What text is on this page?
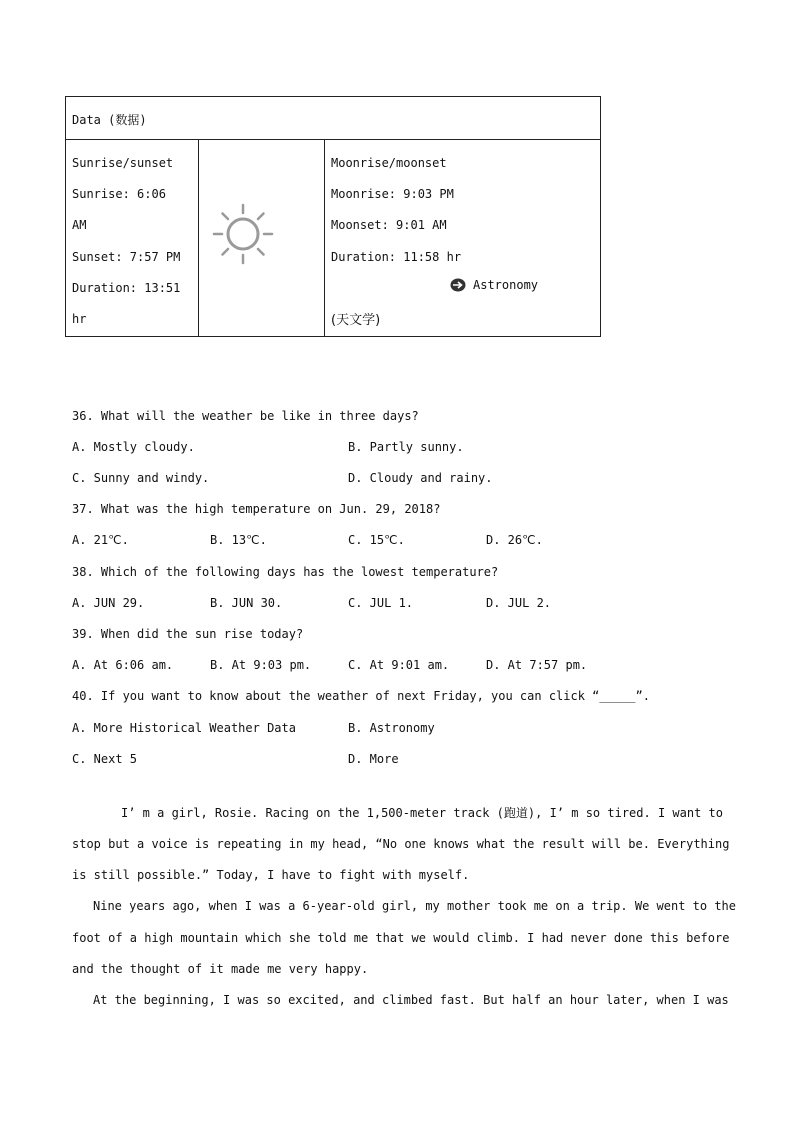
Data (数据)
Sunrise/sunset
Sunrise: 6:06
AM
Sunset: 7:57 PM
Duration: 13:51
hr
Moonrise/moonset
Moonrise: 9:03 PM
Moonset: 9:01 AM
Duration: 11:58 hr
Astronomy
(天文学)
36. What will the weather be like in three days?
A. Mostly cloudy.	B. Partly sunny.
C. Sunny and windy.	D. Cloudy and rainy.
37. What was the high temperature on Jun. 29, 2018?
A. 21℃.	B. 13℃.	C. 15℃.	D. 26℃.
38. Which of the following days has the lowest temperature?
A. JUN 29.	B. JUN 30.	C. JUL 1.	D. JUL 2.
39. When did the sun rise today?
A. At 6:06 am.	B. At 9:03 pm.	C. At 9:01 am.	D. At 7:57 pm.
40. If you want to know about the weather of next Friday, you can click “_____”.
A. More Historical Weather Data	B. Astronomy
C. Next 5	D. More
I’ m a girl, Rosie. Racing on the 1,500-meter track (跑道), I’ m so tired. I want to
stop but a voice is repeating in my head, “No one knows what the result will be. Everything
is still possible.” Today, I have to fight with myself.
Nine years ago, when I was a 6-year-old girl, my mother took me on a trip. We went to the
foot of a high mountain which she told me that we would climb. I had never done this before
and the thought of it made me very happy.
At the beginning, I was so excited, and climbed fast. But half an hour later, when I was
